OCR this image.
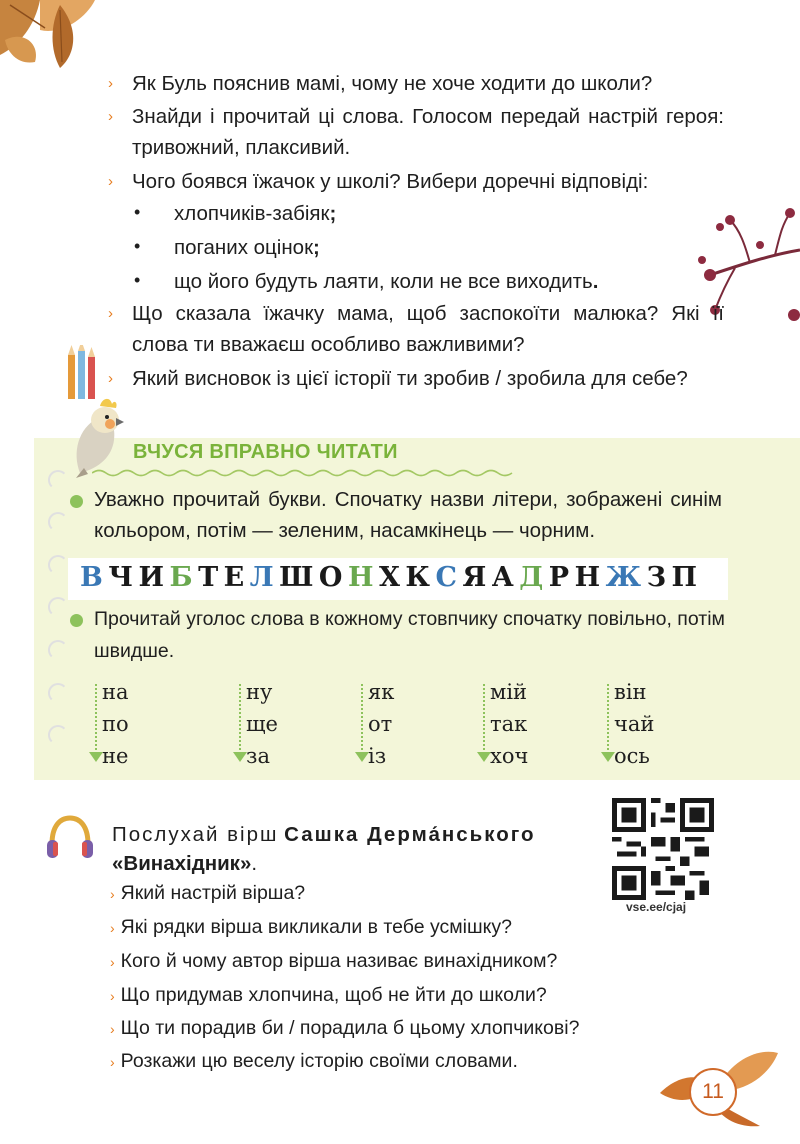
› Як Буль пояснив мамі, чому не хоче ходити до школи?
› Знайди і прочитай ці слова. Голосом передай настрій героя: тривожний, плаксивий.
› Чого боявся їжачок у школі? Вибери доречні відповіді:
• хлопчиків-забіяк;
• поганих оцінок;
• що його будуть лаяти, коли не все виходить.
› Що сказала їжачку мама, щоб заспокоїти малюка? Які її слова ти вважаєш особливо важливими?
› Який висновок із цієї історії ти зробив / зробила для себе?
ВЧУСЯ ВПРАВНО ЧИТАТИ
Уважно прочитай букви. Спочатку назви літери, зображені синім кольором, потім — зеленим, насамкінець — чорним.
В Ч И Б Т Е Л Ш О Н Х К С Я А Д Р Н Ж З П
Прочитай уголос слова в кожному стовпчику спочатку повільно, потім швидше.
на
по
не
ну
ще
за
як
от
із
мій
так
хоч
він
чай
ось
Послухай вірш Сашка Дерма́нського
«Винахідник».
vse.ee/cjaj
› Який настрій вірша?
› Які рядки вірша викликали в тебе усмішку?
› Кого й чому автор вірша називає винахідником?
› Що придумав хлопчина, щоб не йти до школи?
› Що ти порадив би / порадила б цьому хлопчикові?
› Розкажи цю веселу історію своїми словами.
11
